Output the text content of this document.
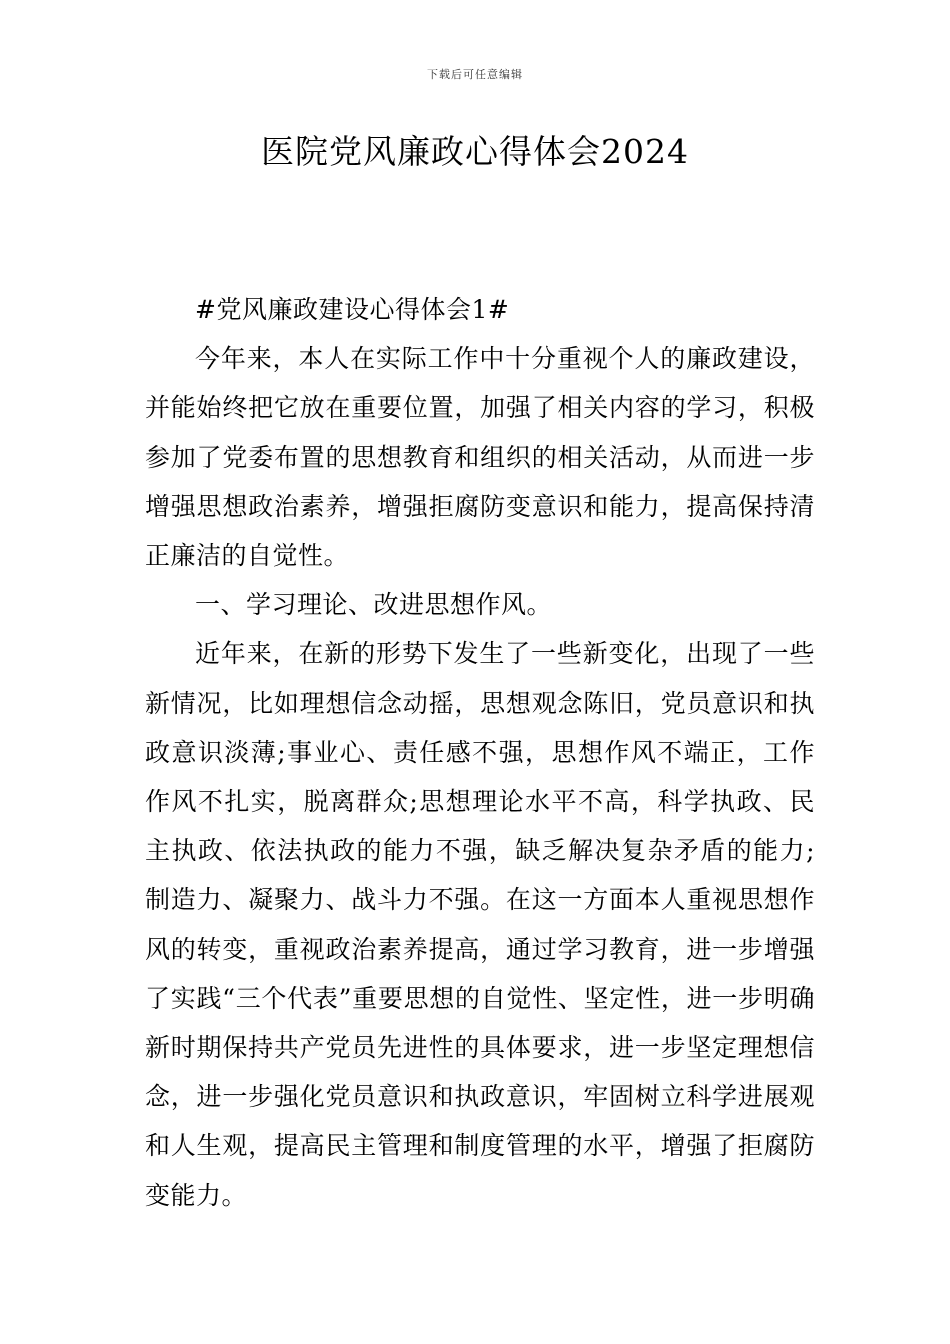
下载后可任意编辑
医院党风廉政心得体会2024

#党风廉政建设心得体会1#

今年来，本人在实际工作中十分重视个人的廉政建设，并能始终把它放在重要位置，加强了相关内容的学习，积极参加了党委布置的思想教育和组织的相关活动，从而进一步增强思想政治素养，增强拒腐防变意识和能力，提高保持清正廉洁的自觉性。

一、学习理论、改进思想作风。

近年来，在新的形势下发生了一些新变化，出现了一些新情况，比如理想信念动摇，思想观念陈旧，党员意识和执政意识淡薄;事业心、责任感不强，思想作风不端正，工作作风不扎实，脱离群众;思想理论水平不高，科学执政、民主执政、依法执政的能力不强，缺乏解决复杂矛盾的能力;制造力、凝聚力、战斗力不强。在这一方面本人重视思想作风的转变，重视政治素养提高，通过学习教育，进一步增强了实践“三个代表”重要思想的自觉性、坚定性，进一步明确新时期保持共产党员先进性的具体要求，进一步坚定理想信念，进一步强化党员意识和执政意识，牢固树立科学进展观和人生观，提高民主管理和制度管理的水平，增强了拒腐防变能力。
